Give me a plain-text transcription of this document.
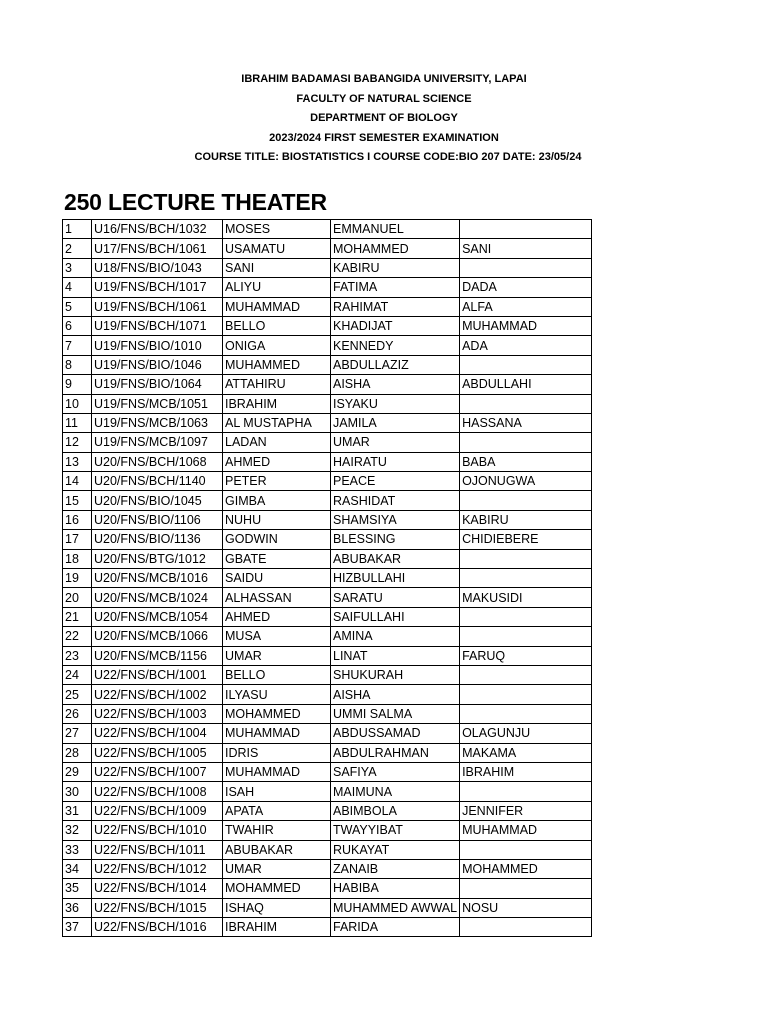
IBRAHIM BADAMASI BABANGIDA UNIVERSITY, LAPAI
FACULTY OF NATURAL SCIENCE
DEPARTMENT OF BIOLOGY
2023/2024 FIRST SEMESTER EXAMINATION
COURSE TITLE: BIOSTATISTICS I COURSE CODE:BIO 207 DATE: 23/05/24
250 LECTURE THEATER
1	U16/FNS/BCH/1032	MOSES	EMMANUEL	
2	U17/FNS/BCH/1061	USAMATU	MOHAMMED	SANI
3	U18/FNS/BIO/1043	SANI	KABIRU	
4	U19/FNS/BCH/1017	ALIYU	FATIMA	DADA
5	U19/FNS/BCH/1061	MUHAMMAD	RAHIMAT	ALFA
6	U19/FNS/BCH/1071	BELLO	KHADIJAT	MUHAMMAD
7	U19/FNS/BIO/1010	ONIGA	KENNEDY	ADA
8	U19/FNS/BIO/1046	MUHAMMED	ABDULLAZIZ	
9	U19/FNS/BIO/1064	ATTAHIRU	AISHA	ABDULLAHI
10	U19/FNS/MCB/1051	IBRAHIM	ISYAKU	
11	U19/FNS/MCB/1063	AL MUSTAPHA	JAMILA	HASSANA
12	U19/FNS/MCB/1097	LADAN	UMAR	
13	U20/FNS/BCH/1068	AHMED	HAIRATU	BABA
14	U20/FNS/BCH/1140	PETER	PEACE	OJONUGWA
15	U20/FNS/BIO/1045	GIMBA	RASHIDAT	
16	U20/FNS/BIO/1106	NUHU	SHAMSIYA	KABIRU
17	U20/FNS/BIO/1136	GODWIN	BLESSING	CHIDIEBERE
18	U20/FNS/BTG/1012	GBATE	ABUBAKAR	
19	U20/FNS/MCB/1016	SAIDU	HIZBULLAHI	
20	U20/FNS/MCB/1024	ALHASSAN	SARATU	MAKUSIDI
21	U20/FNS/MCB/1054	AHMED	SAIFULLAHI	
22	U20/FNS/MCB/1066	MUSA	AMINA	
23	U20/FNS/MCB/1156	UMAR	LINAT	FARUQ
24	U22/FNS/BCH/1001	BELLO	SHUKURAH	
25	U22/FNS/BCH/1002	ILYASU	AISHA	
26	U22/FNS/BCH/1003	MOHAMMED	UMMI SALMA	
27	U22/FNS/BCH/1004	MUHAMMAD	ABDUSSAMAD	OLAGUNJU
28	U22/FNS/BCH/1005	IDRIS	ABDULRAHMAN	MAKAMA
29	U22/FNS/BCH/1007	MUHAMMAD	SAFIYA	IBRAHIM
30	U22/FNS/BCH/1008	ISAH	MAIMUNA	
31	U22/FNS/BCH/1009	APATA	ABIMBOLA	JENNIFER
32	U22/FNS/BCH/1010	TWAHIR	TWAYYIBAT	MUHAMMAD
33	U22/FNS/BCH/1011	ABUBAKAR	RUKAYAT	
34	U22/FNS/BCH/1012	UMAR	ZANAIB	MOHAMMED
35	U22/FNS/BCH/1014	MOHAMMED	HABIBA	
36	U22/FNS/BCH/1015	ISHAQ	MUHAMMED AWWAL	NOSU
37	U22/FNS/BCH/1016	IBRAHIM	FARIDA	
